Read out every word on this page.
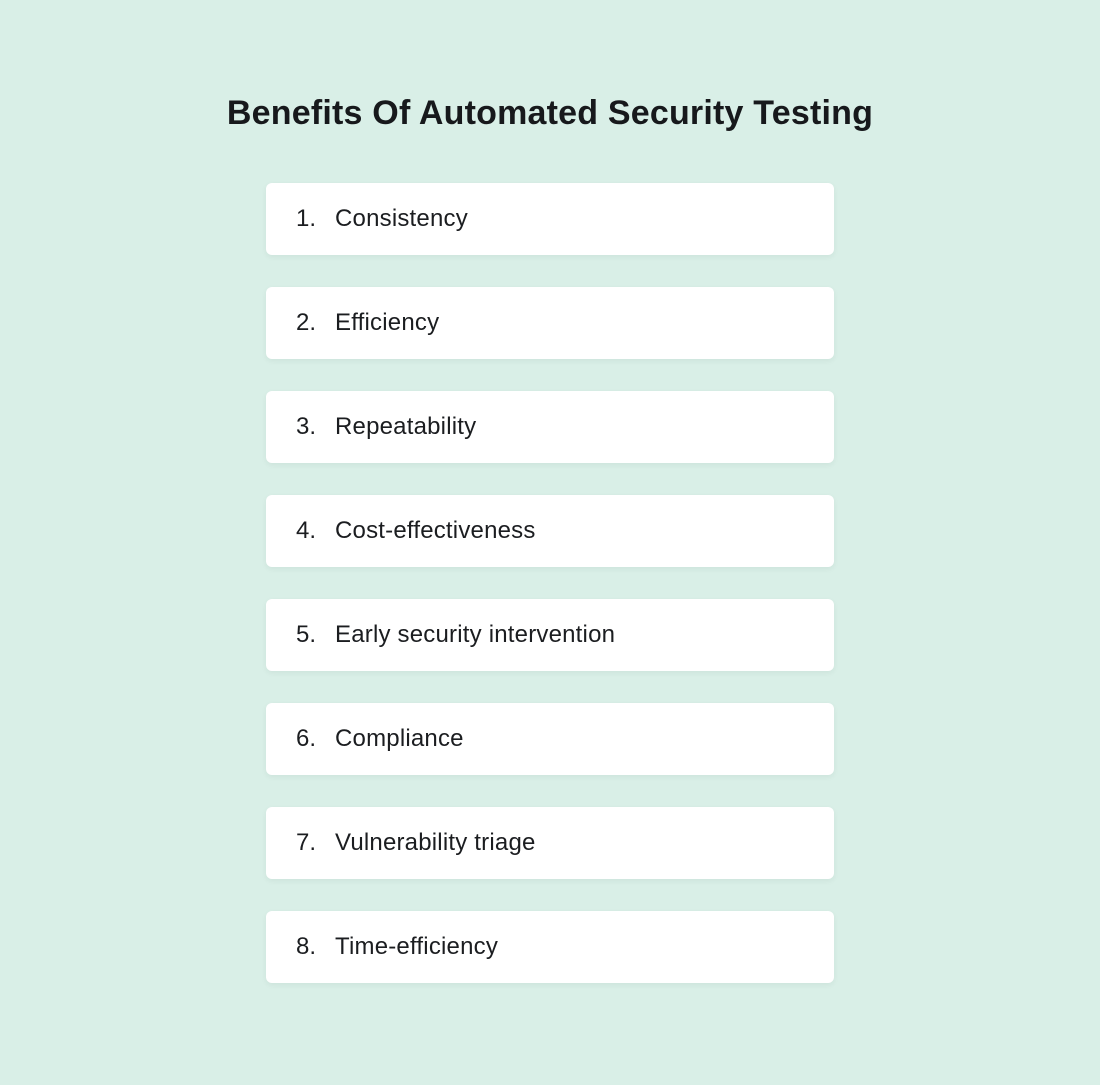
Benefits Of Automated Security Testing
1. Consistency
2. Efficiency
3. Repeatability
4. Cost-effectiveness
5. Early security intervention
6. Compliance
7. Vulnerability triage
8. Time-efficiency
